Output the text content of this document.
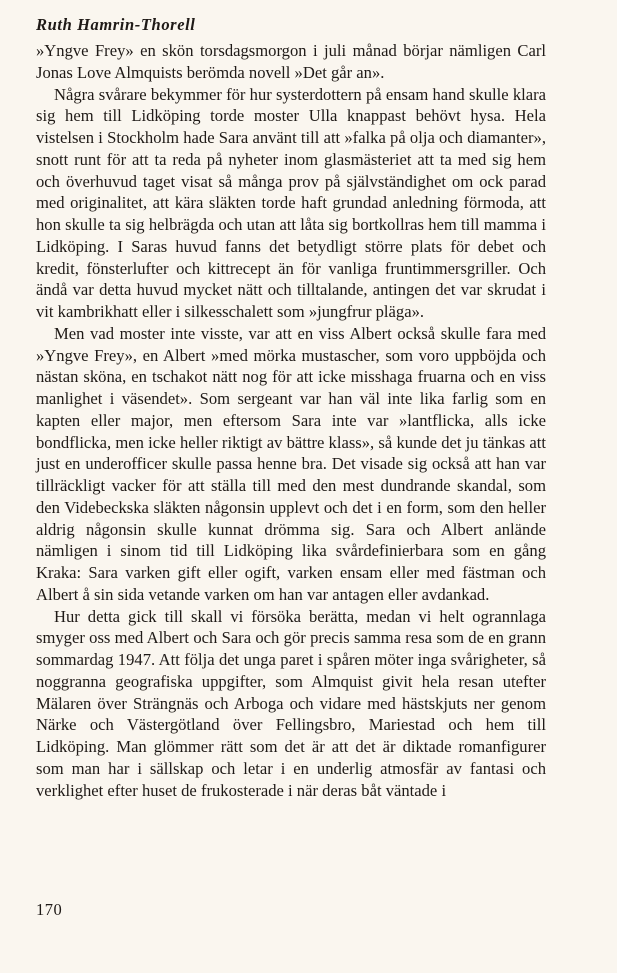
Ruth Hamrin-Thorell

»Yngve Frey» en skön torsdagsmorgon i juli månad börjar nämligen Carl Jonas Love Almquists berömda novell »Det går an».

Några svårare bekymmer för hur systerdottern på ensam hand skulle klara sig hem till Lidköping torde moster Ulla knappast behövt hysa. Hela vistelsen i Stockholm hade Sara använt till att »falka på olja och diamanter», snott runt för att ta reda på nyheter inom glasmästeriet att ta med sig hem och överhuvud taget visat så många prov på självständighet om ock parad med originalitet, att kära släkten torde haft grundad anledning förmoda, att hon skulle ta sig helbrägda och utan att låta sig bortkollras hem till mamma i Lidköping. I Saras huvud fanns det betydligt större plats för debet och kredit, fönsterlufter och kittrecept än för vanliga fruntimmersgriller. Och ändå var detta huvud mycket nätt och tilltalande, antingen det var skrudat i vit kambrikhatt eller i silkesschalett som »jungfrur pläga».

Men vad moster inte visste, var att en viss Albert också skulle fara med »Yngve Frey», en Albert »med mörka mustascher, som voro uppböjda och nästan sköna, en tschakot nätt nog för att icke misshaga fruarna och en viss manlighet i väsendet». Som sergeant var han väl inte lika farlig som en kapten eller major, men eftersom Sara inte var »lantflicka, alls icke bondflicka, men icke heller riktigt av bättre klass», så kunde det ju tänkas att just en underofficer skulle passa henne bra. Det visade sig också att han var tillräckligt vacker för att ställa till med den mest dundrande skandal, som den Videbeckska släkten någonsin upplevt och det i en form, som den heller aldrig någonsin skulle kunnat drömma sig. Sara och Albert anlände nämligen i sinom tid till Lidköping lika svårdefinierbara som en gång Kraka: Sara varken gift eller ogift, varken ensam eller med fästman och Albert å sin sida vetande varken om han var antagen eller avdankad.

Hur detta gick till skall vi försöka berätta, medan vi helt ogrannlaga smyger oss med Albert och Sara och gör precis samma resa som de en grann sommardag 1947. Att följa det unga paret i spåren möter inga svårigheter, så noggranna geografiska uppgifter, som Almquist givit hela resan utefter Mälaren över Strängnäs och Arboga och vidare med hästskjuts ner genom Närke och Västergötland över Fellingsbro, Mariestad och hem till Lidköping. Man glömmer rätt som det är att det är diktade romanfigurer som man har i sällskap och letar i en underlig atmosfär av fantasi och verklighet efter huset de frukosterade i när deras båt väntade i

170
